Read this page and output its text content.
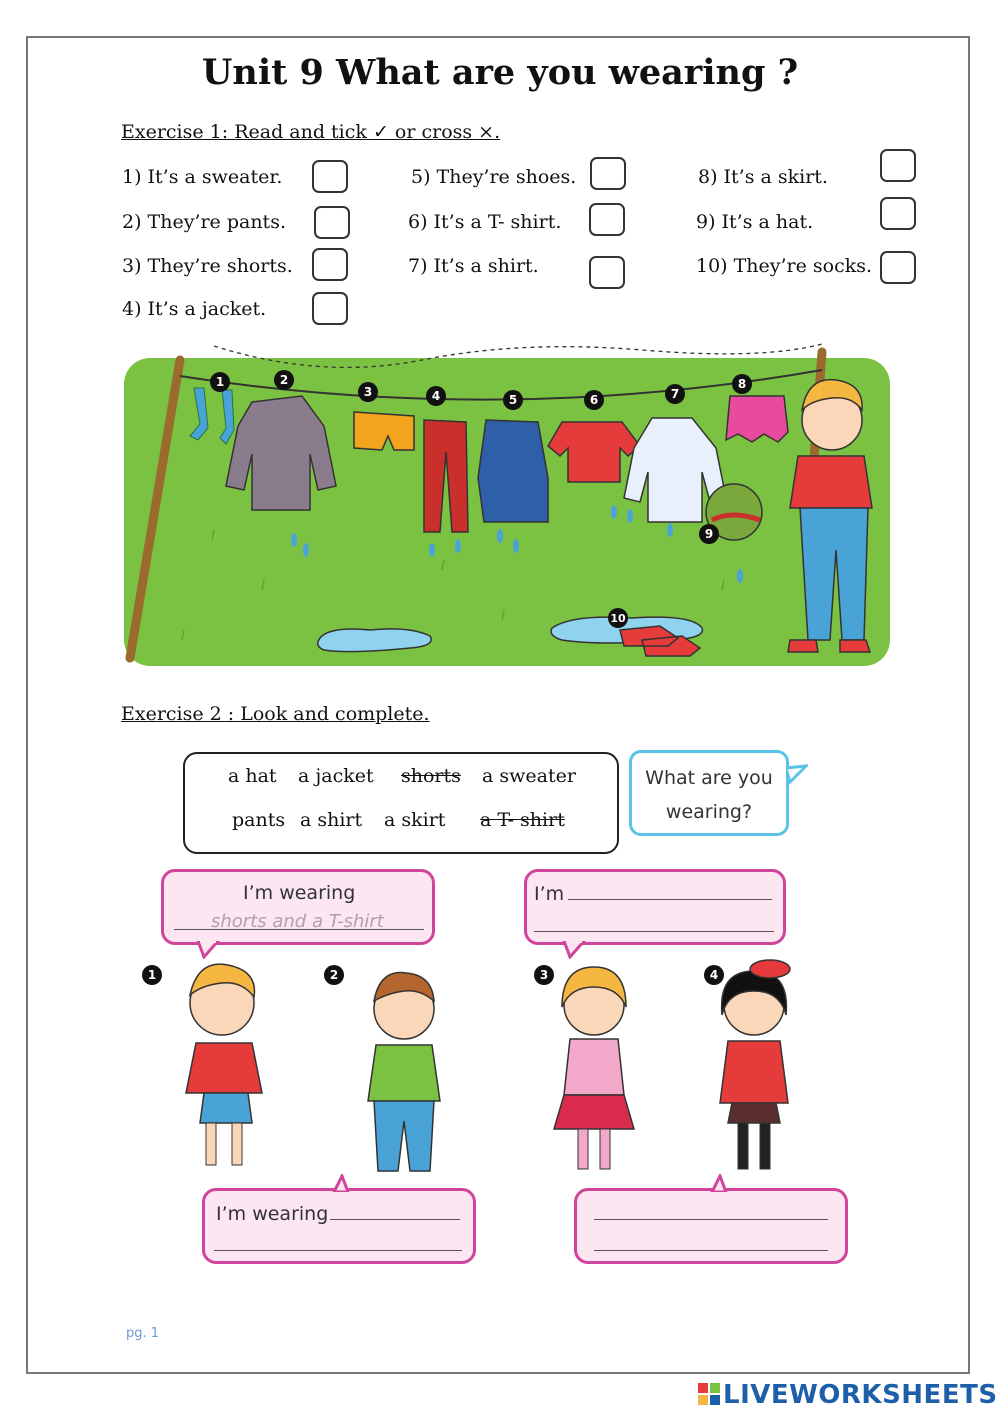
Unit 9 What are you wearing ?
Exercise 1: Read and tick ✓ or cross ×.
1) It’s a sweater.
2) They’re pants.
3) They’re shorts.
4) It’s a jacket.
5) They’re shoes.
6) It’s a T- shirt.
7) It’s a shirt.
8) It’s a skirt.
9) It’s a hat.
10) They’re socks.
1	2
3	4	5	6	7
8
9
10
Exercise 2 : Look and complete.
a hat a jacket shorts a sweater
pants a shirt a skirt a T- shirt
What are you
wearing?
I’m wearing
shorts and a T-shirt
I’m
1	2	3	4
I’m wearing
pg. 1
LIVEWORKSHEETS
